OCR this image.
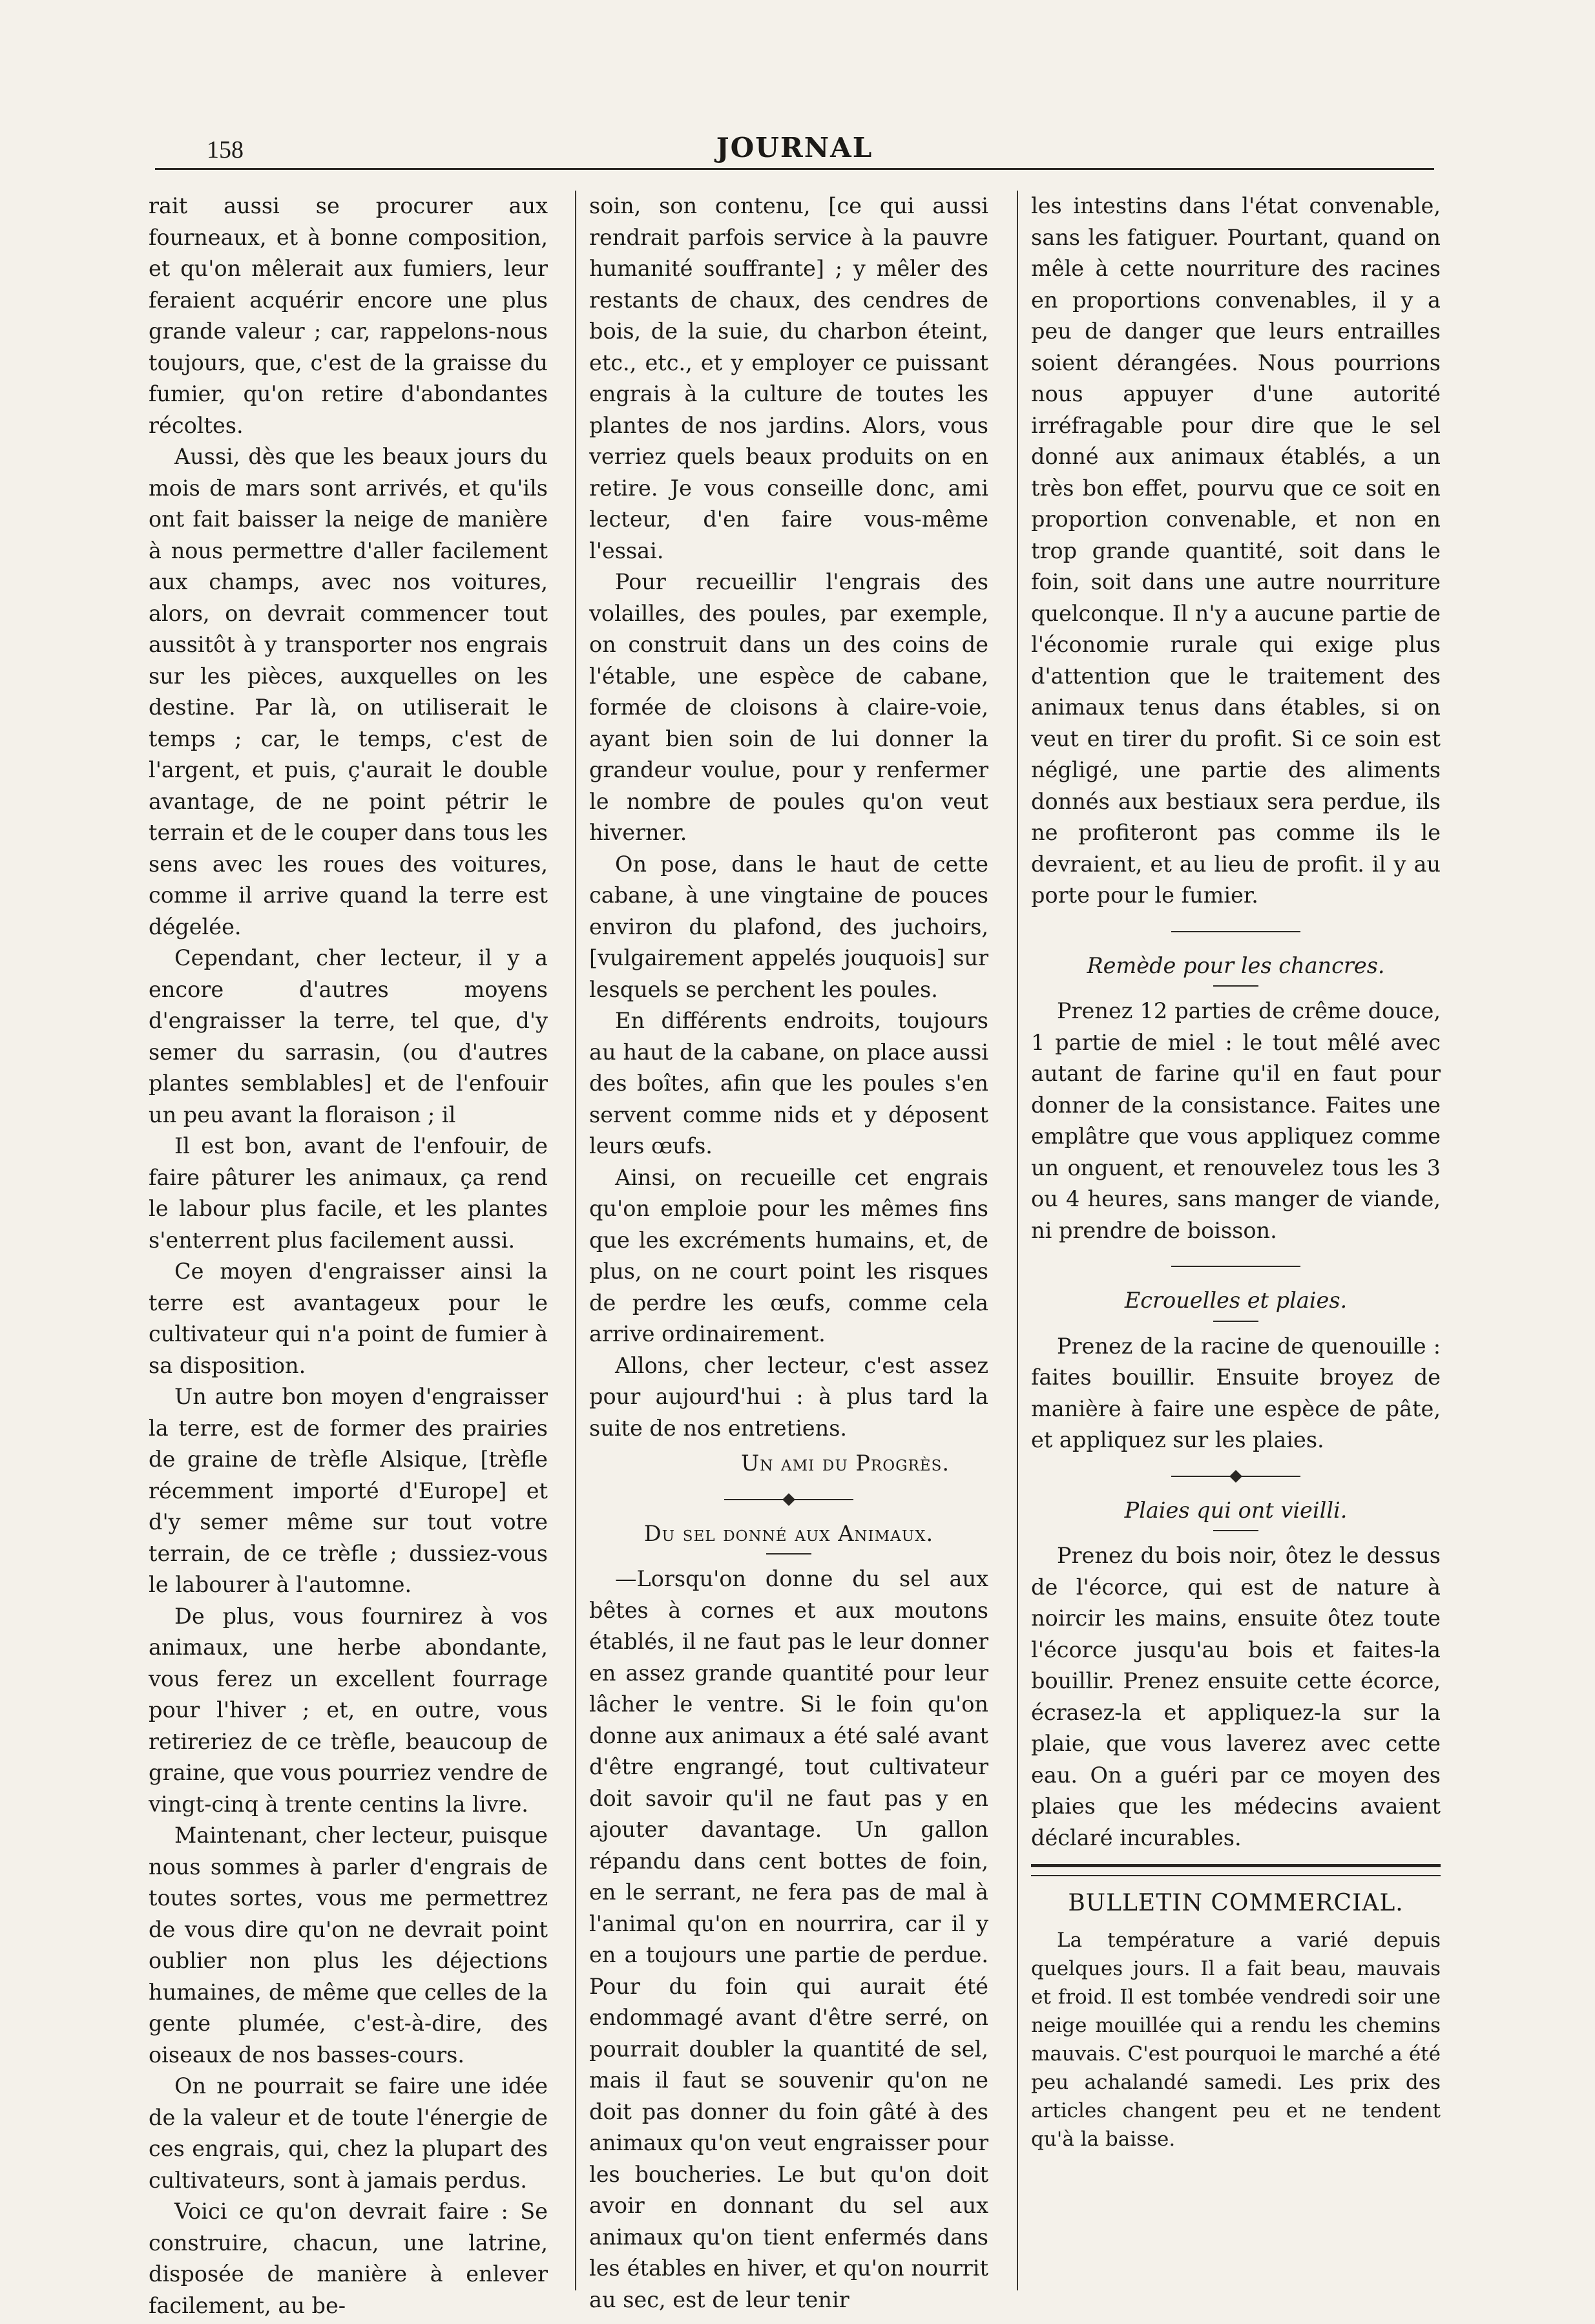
158	JOURNAL

rait aussi se procurer aux fourneaux, et à bonne composition, et qu'on mêlerait aux fumiers, leur feraient acquérir encore une plus grande valeur ; car, rappelons-nous toujours, que, c'est de la graisse du fumier, qu'on retire d'abondantes récoltes.

Aussi, dès que les beaux jours du mois de mars sont arrivés, et qu'ils ont fait baisser la neige de manière à nous permettre d'aller facilement aux champs, avec nos voitures, alors, on devrait commencer tout aussitôt à y transporter nos engrais sur les pièces, auxquelles on les destine. Par là, on utiliserait le temps ; car, le temps, c'est de l'argent, et puis, ç'aurait le double avantage, de ne point pétrir le terrain et de le couper dans tous les sens avec les roues des voitures, comme il arrive quand la terre est dégelée.

Cependant, cher lecteur, il y a encore d'autres moyens d'engraisser la terre, tel que, d'y semer du sarrasin, (ou d'autres plantes semblables] et de l'enfouir un peu avant la floraison ; il

Il est bon, avant de l'enfouir, de faire pâturer les animaux, ça rend le labour plus facile, et les plantes s'enterrent plus facilement aussi.

Ce moyen d'engraisser ainsi la terre est avantageux pour le cultivateur qui n'a point de fumier à sa disposition.

Un autre bon moyen d'engraisser la terre, est de former des prairies de graine de trèfle Alsique, [trèfle récemment importé d'Europe] et d'y semer même sur tout votre terrain, de ce trèfle ; dussiez-vous le labourer à l'automne.

De plus, vous fournirez à vos animaux, une herbe abondante, vous ferez un excellent fourrage pour l'hiver ; et, en outre, vous retireriez de ce trèfle, beaucoup de graine, que vous pourriez vendre de vingt-cinq à trente centins la livre.

Maintenant, cher lecteur, puisque nous sommes à parler d'engrais de toutes sortes, vous me permettrez de vous dire qu'on ne devrait point oublier non plus les déjections humaines, de même que celles de la gente plumée, c'est-à-dire, des oiseaux de nos basses-cours.

On ne pourrait se faire une idée de la valeur et de toute l'énergie de ces engrais, qui, chez la plupart des cultivateurs, sont à jamais perdus.

Voici ce qu'on devrait faire : Se construire, chacun, une latrine, disposée de manière à enlever facilement, au be-

soin, son contenu, [ce qui aussi rendrait parfois service à la pauvre humanité souffrante] ; y mêler des restants de chaux, des cendres de bois, de la suie, du charbon éteint, etc., etc., et y employer ce puissant engrais à la culture de toutes les plantes de nos jardins. Alors, vous verriez quels beaux produits on en retire. Je vous conseille donc, ami lecteur, d'en faire vous-même l'essai.

Pour recueillir l'engrais des volailles, des poules, par exemple, on construit dans un des coins de l'étable, une espèce de cabane, formée de cloisons à claire-voie, ayant bien soin de lui donner la grandeur voulue, pour y renfermer le nombre de poules qu'on veut hiverner.

On pose, dans le haut de cette cabane, à une vingtaine de pouces environ du plafond, des juchoirs, [vulgairement appelés jouquois] sur lesquels se perchent les poules.

En différents endroits, toujours au haut de la cabane, on place aussi des boîtes, afin que les poules s'en servent comme nids et y déposent leurs œufs.

Ainsi, on recueille cet engrais qu'on emploie pour les mêmes fins que les excréments humains, et, de plus, on ne court point les risques de perdre les œufs, comme cela arrive ordinairement.

Allons, cher lecteur, c'est assez pour aujourd'hui : à plus tard la suite de nos entretiens.

Un ami du Progrès.
Du sel donné aux Animaux.

—Lorsqu'on donne du sel aux bêtes à cornes et aux moutons établés, il ne faut pas le leur donner en assez grande quantité pour leur lâcher le ventre. Si le foin qu'on donne aux animaux a été salé avant d'être engrangé, tout cultivateur doit savoir qu'il ne faut pas y en ajouter davantage. Un gallon répandu dans cent bottes de foin, en le serrant, ne fera pas de mal à l'animal qu'on en nourrira, car il y en a toujours une partie de perdue. Pour du foin qui aurait été endommagé avant d'être serré, on pourrait doubler la quantité de sel, mais il faut se souvenir qu'on ne doit pas donner du foin gâté à des animaux qu'on veut engraisser pour les boucheries. Le but qu'on doit avoir en donnant du sel aux animaux qu'on tient enfermés dans les étables en hiver, et qu'on nourrit au sec, est de leur tenir

les intestins dans l'état convenable, sans les fatiguer. Pourtant, quand on mêle à cette nourriture des racines en proportions convenables, il y a peu de danger que leurs entrailles soient dérangées. Nous pourrions nous appuyer d'une autorité irréfragable pour dire que le sel donné aux animaux établés, a un très bon effet, pourvu que ce soit en proportion convenable, et non en trop grande quantité, soit dans le foin, soit dans une autre nourriture quelconque. Il n'y a aucune partie de l'économie rurale qui exige plus d'attention que le traitement des animaux tenus dans étables, si on veut en tirer du profit. Si ce soin est négligé, une partie des aliments donnés aux bestiaux sera perdue, ils ne profiteront pas comme ils le devraient, et au lieu de profit. il y au porte pour le fumier.

Remède pour les chancres.

Prenez 12 parties de crême douce, 1 partie de miel : le tout mêlé avec autant de farine qu'il en faut pour donner de la consistance. Faites une emplâtre que vous appliquez comme un onguent, et renouvelez tous les 3 ou 4 heures, sans manger de viande, ni prendre de boisson.

Ecrouelles et plaies.

Prenez de la racine de quenouille : faites bouillir. Ensuite broyez de manière à faire une espèce de pâte, et appliquez sur les plaies.

Plaies qui ont vieilli.

Prenez du bois noir, ôtez le dessus de l'écorce, qui est de nature à noircir les mains, ensuite ôtez toute l'écorce jusqu'au bois et faites-la bouillir. Prenez ensuite cette écorce, écrasez-la et appliquez-la sur la plaie, que vous laverez avec cette eau. On a guéri par ce moyen des plaies que les médecins avaient déclaré incurables.

BULLETIN COMMERCIAL.

La température a varié depuis quelques jours. Il a fait beau, mauvais et froid. Il est tombée vendredi soir une neige mouillée qui a rendu les chemins mauvais. C'est pourquoi le marché a été peu achalandé samedi. Les prix des articles changent peu et ne tendent qu'à la baisse.
